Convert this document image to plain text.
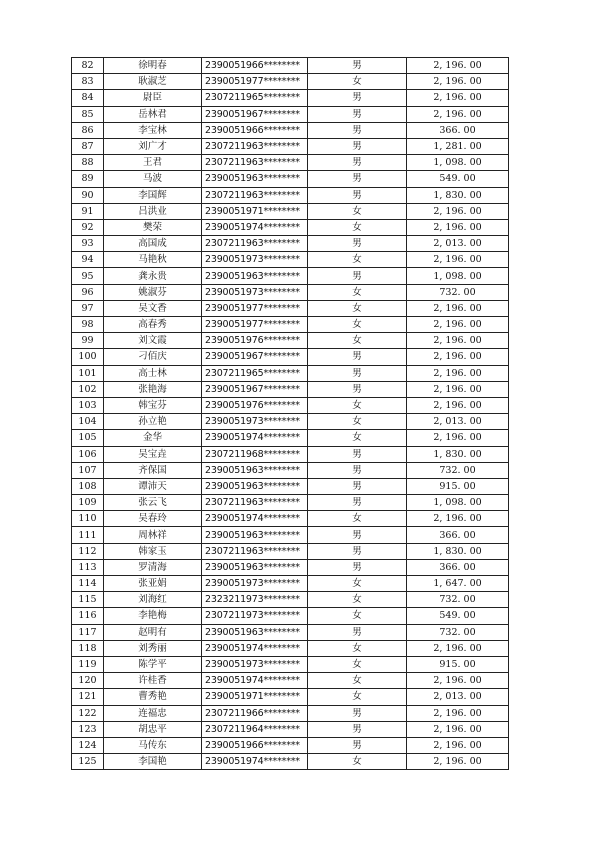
82	徐明春	2390051966********	男	2, 196. 00
83	耿淑芝	2390051977********	女	2, 196. 00
84	尉臣	2307211965********	男	2, 196. 00
85	岳林君	2390051967********	男	2, 196. 00
86	李宝林	2390051966********	男	366. 00
87	刘广才	2307211963********	男	1, 281. 00
88	王君	2307211963********	男	1, 098. 00
89	马波	2390051963********	男	549. 00
90	李国辉	2307211963********	男	1, 830. 00
91	吕洪业	2390051971********	女	2, 196. 00
92	樊荣	2390051974********	女	2, 196. 00
93	高国成	2307211963********	男	2, 013. 00
94	马艳秋	2390051973********	女	2, 196. 00
95	龚永贵	2390051963********	男	1, 098. 00
96	姚淑芬	2390051973********	女	732. 00
97	吴文香	2390051977********	女	2, 196. 00
98	高春秀	2390051977********	女	2, 196. 00
99	刘文霞	2390051976********	女	2, 196. 00
100	刁佰庆	2390051967********	男	2, 196. 00
101	高士林	2307211965********	男	2, 196. 00
102	张艳海	2390051967********	男	2, 196. 00
103	韩宝芬	2390051976********	女	2, 196. 00
104	孙立艳	2390051973********	女	2, 013. 00
105	金华	2390051974********	女	2, 196. 00
106	吴宝垚	2307211968********	男	1, 830. 00
107	齐保国	2390051963********	男	732. 00
108	谭沛天	2390051963********	男	915. 00
109	张云飞	2307211963********	男	1, 098. 00
110	吴春玲	2390051974********	女	2, 196. 00
111	周林祥	2390051963********	男	366. 00
112	韩家玉	2307211963********	男	1, 830. 00
113	罗清海	2390051963********	男	366. 00
114	张亚娟	2390051973********	女	1, 647. 00
115	刘海红	2323211973********	女	732. 00
116	李艳梅	2307211973********	女	549. 00
117	赵明有	2390051963********	男	732. 00
118	刘秀丽	2390051974********	女	2, 196. 00
119	陈学平	2390051973********	女	915. 00
120	许桂香	2390051974********	女	2, 196. 00
121	曹秀艳	2390051971********	女	2, 013. 00
122	连福忠	2307211966********	男	2, 196. 00
123	胡忠平	2307211964********	男	2, 196. 00
124	马传东	2390051966********	男	2, 196. 00
125	李国艳	2390051974********	女	2, 196. 00
